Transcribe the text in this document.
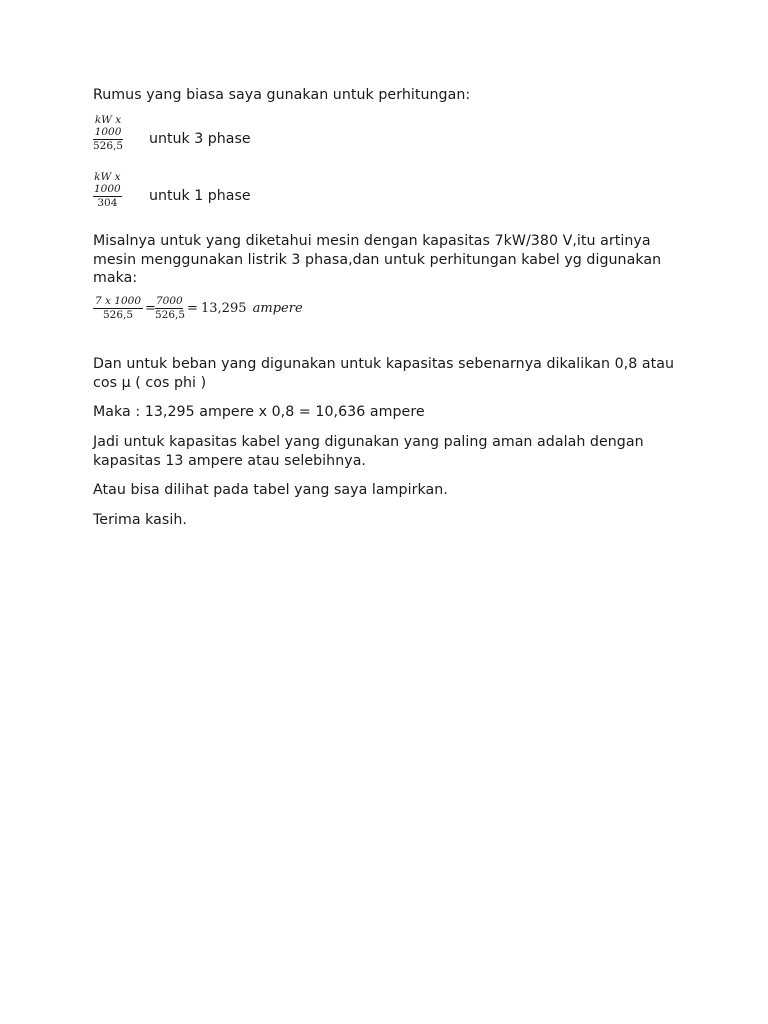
Rumus yang biasa saya gunakan untuk perhitungan:
kW x 1000
526,5 untuk 3 phase
kW x 1000
304	untuk 1 phase
Misalnya untuk yang diketahui mesin dengan kapasitas 7kW/380 V,itu artinya
mesin menggunakan listrik 3 phasa,dan untuk perhitungan kabel yg digunakan
maka:
7 x 1000
526,5 = 7000
526,5 = 13,295 ampere
Dan untuk beban yang digunakan untuk kapasitas sebenarnya dikalikan 0,8 atau
cos µ ( cos phi )
Maka : 13,295 ampere x 0,8 = 10,636 ampere
Jadi untuk kapasitas kabel yang digunakan yang paling aman adalah dengan
kapasitas 13 ampere atau selebihnya.
Atau bisa dilihat pada tabel yang saya lampirkan.
Terima kasih.
